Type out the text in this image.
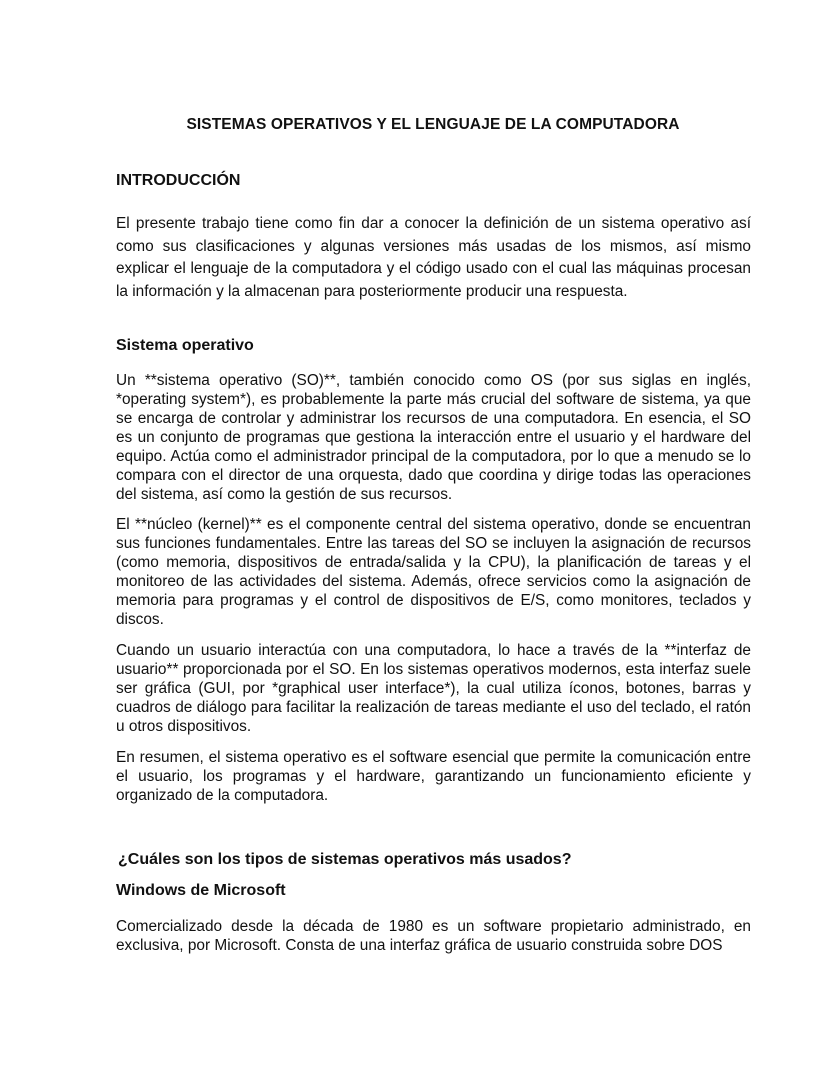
SISTEMAS OPERATIVOS Y EL LENGUAJE DE LA COMPUTADORA
INTRODUCCIÓN
El presente trabajo tiene como fin dar a conocer la definición de un sistema operativo así como sus clasificaciones y algunas versiones más usadas de los mismos, así mismo explicar el lenguaje de la computadora y el código usado con el cual las máquinas procesan la información y la almacenan para posteriormente producir una respuesta.
Sistema operativo
Un **sistema operativo (SO)**, también conocido como OS (por sus siglas en inglés, *operating system*), es probablemente la parte más crucial del software de sistema, ya que se encarga de controlar y administrar los recursos de una computadora. En esencia, el SO es un conjunto de programas que gestiona la interacción entre el usuario y el hardware del equipo. Actúa como el administrador principal de la computadora, por lo que a menudo se lo compara con el director de una orquesta, dado que coordina y dirige todas las operaciones del sistema, así como la gestión de sus recursos.
El **núcleo (kernel)** es el componente central del sistema operativo, donde se encuentran sus funciones fundamentales. Entre las tareas del SO se incluyen la asignación de recursos (como memoria, dispositivos de entrada/salida y la CPU), la planificación de tareas y el monitoreo de las actividades del sistema. Además, ofrece servicios como la asignación de memoria para programas y el control de dispositivos de E/S, como monitores, teclados y discos.
Cuando un usuario interactúa con una computadora, lo hace a través de la **interfaz de usuario** proporcionada por el SO. En los sistemas operativos modernos, esta interfaz suele ser gráfica (GUI, por *graphical user interface*), la cual utiliza íconos, botones, barras y cuadros de diálogo para facilitar la realización de tareas mediante el uso del teclado, el ratón u otros dispositivos.
En resumen, el sistema operativo es el software esencial que permite la comunicación entre el usuario, los programas y el hardware, garantizando un funcionamiento eficiente y organizado de la computadora.
¿Cuáles son los tipos de sistemas operativos más usados?
Windows de Microsoft
Comercializado desde la década de 1980 es un software propietario administrado, en exclusiva, por Microsoft. Consta de una interfaz gráfica de usuario construida sobre DOS
